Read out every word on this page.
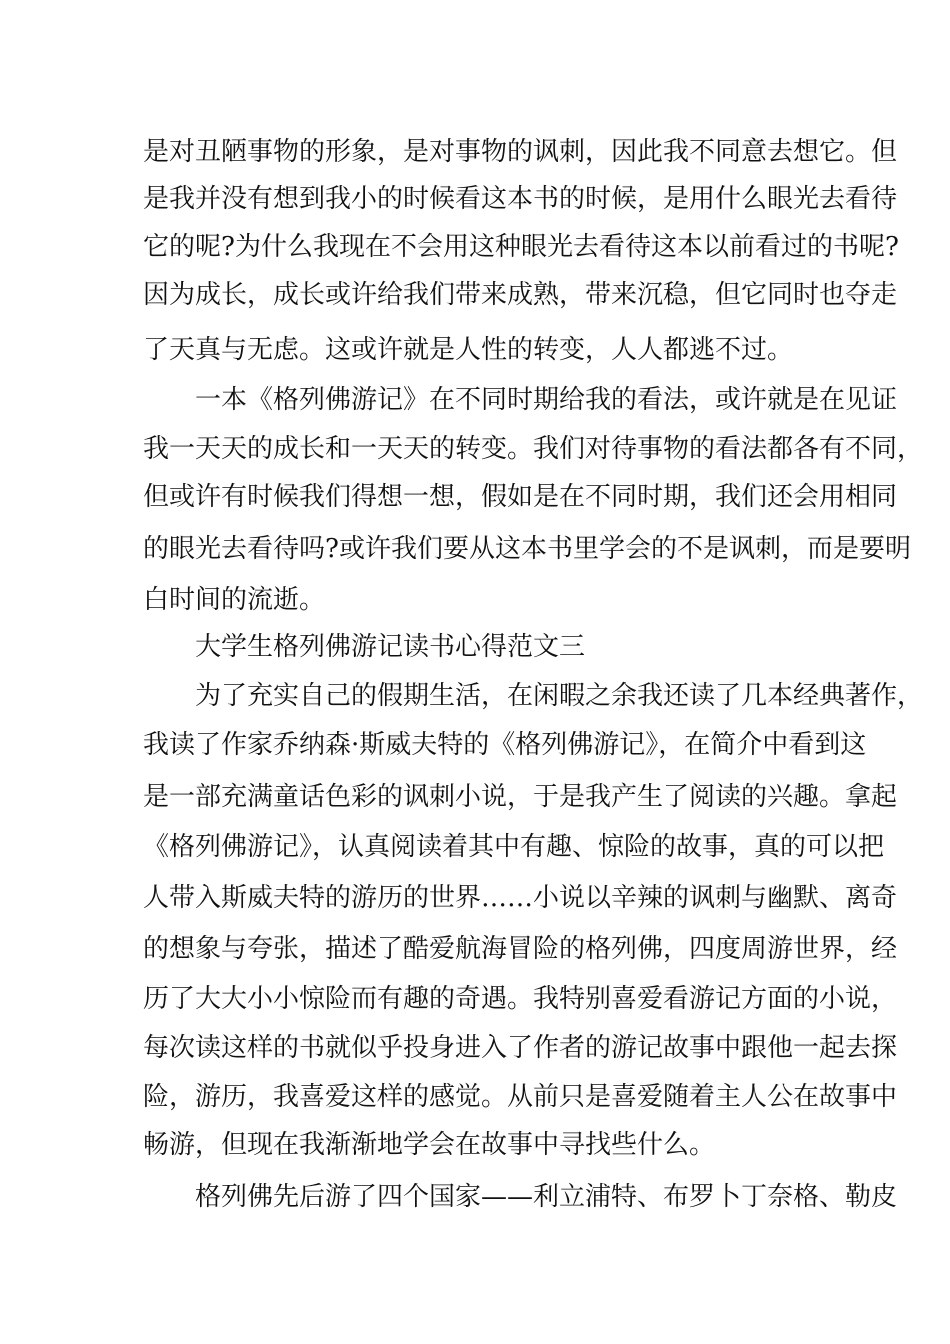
是对丑陋事物的形象，是对事物的讽刺，因此我不同意去想它。但
是我并没有想到我小的时候看这本书的时候，是用什么眼光去看待
它的呢?为什么我现在不会用这种眼光去看待这本以前看过的书呢?
因为成长，成长或许给我们带来成熟，带来沉稳，但它同时也夺走
了天真与无虑。这或许就是人性的转变，人人都逃不过。
　　一本《格列佛游记》在不同时期给我的看法，或许就是在见证
我一天天的成长和一天天的转变。我们对待事物的看法都各有不同，
但或许有时候我们得想一想，假如是在不同时期，我们还会用相同
的眼光去看待吗?或许我们要从这本书里学会的不是讽刺，而是要明
白时间的流逝。
　　大学生格列佛游记读书心得范文三
　　为了充实自己的假期生活，在闲暇之余我还读了几本经典著作，
我读了作家乔纳森·斯威夫特的《格列佛游记》，在简介中看到这
是一部充满童话色彩的讽刺小说，于是我产生了阅读的兴趣。拿起
《格列佛游记》，认真阅读着其中有趣、惊险的故事，真的可以把
人带入斯威夫特的游历的世界……小说以辛辣的讽刺与幽默、离奇
的想象与夸张，描述了酷爱航海冒险的格列佛，四度周游世界，经
历了大大小小惊险而有趣的奇遇。我特别喜爱看游记方面的小说，
每次读这样的书就似乎投身进入了作者的游记故事中跟他一起去探
险，游历，我喜爱这样的感觉。从前只是喜爱随着主人公在故事中
畅游，但现在我渐渐地学会在故事中寻找些什么。
　　格列佛先后游了四个国家——利立浦特、布罗卜丁奈格、勒皮
